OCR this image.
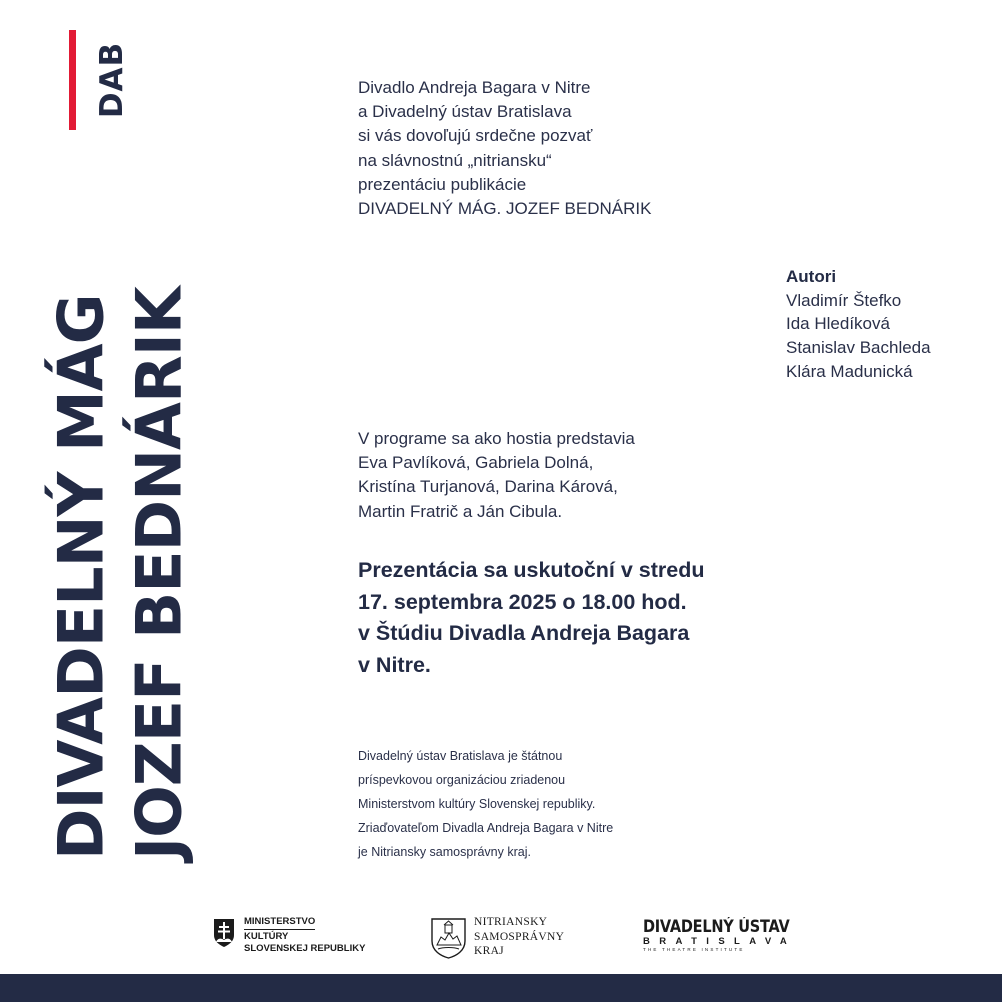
DAB
DIVADELNÝ MÁG JOZEF BEDNÁRIK
Divadlo Andreja Bagara v Nitre
a Divadelný ústav Bratislava
si vás dovoľujú srdečne pozvať
na slávnostnú „nitriansku“
prezentáciu publikácie
DIVADELNÝ MÁG. JOZEF BEDNÁRIK
Autori
Vladimír Štefko
Ida Hledíková
Stanislav Bachleda
Klára Madunická
V programe sa ako hostia predstavia
Eva Pavlíková, Gabriela Dolná,
Kristína Turjanová, Darina Kárová,
Martin Fratrič a Ján Cibula.
Prezentácia sa uskutoční v stredu
17. septembra 2025 o 18.00 hod.
v Štúdiu Divadla Andreja Bagara
v Nitre.
Divadelný ústav Bratislava je štátnou
príspevkovou organizáciou zriadenou
Ministerstvom kultúry Slovenskej republiky.
Zriaďovateľom Divadla Andreja Bagara v Nitre
je Nitriansky samosprávny kraj.
MINISTERSTVO
KULTÚRY
SLOVENSKEJ REPUBLIKY
NITRIANSKY
SAMOSPRÁVNY
KRAJ
DIVADELNÝ ÚSTAV
BRATISLAVA
THE THEATRE INSTITUTE
